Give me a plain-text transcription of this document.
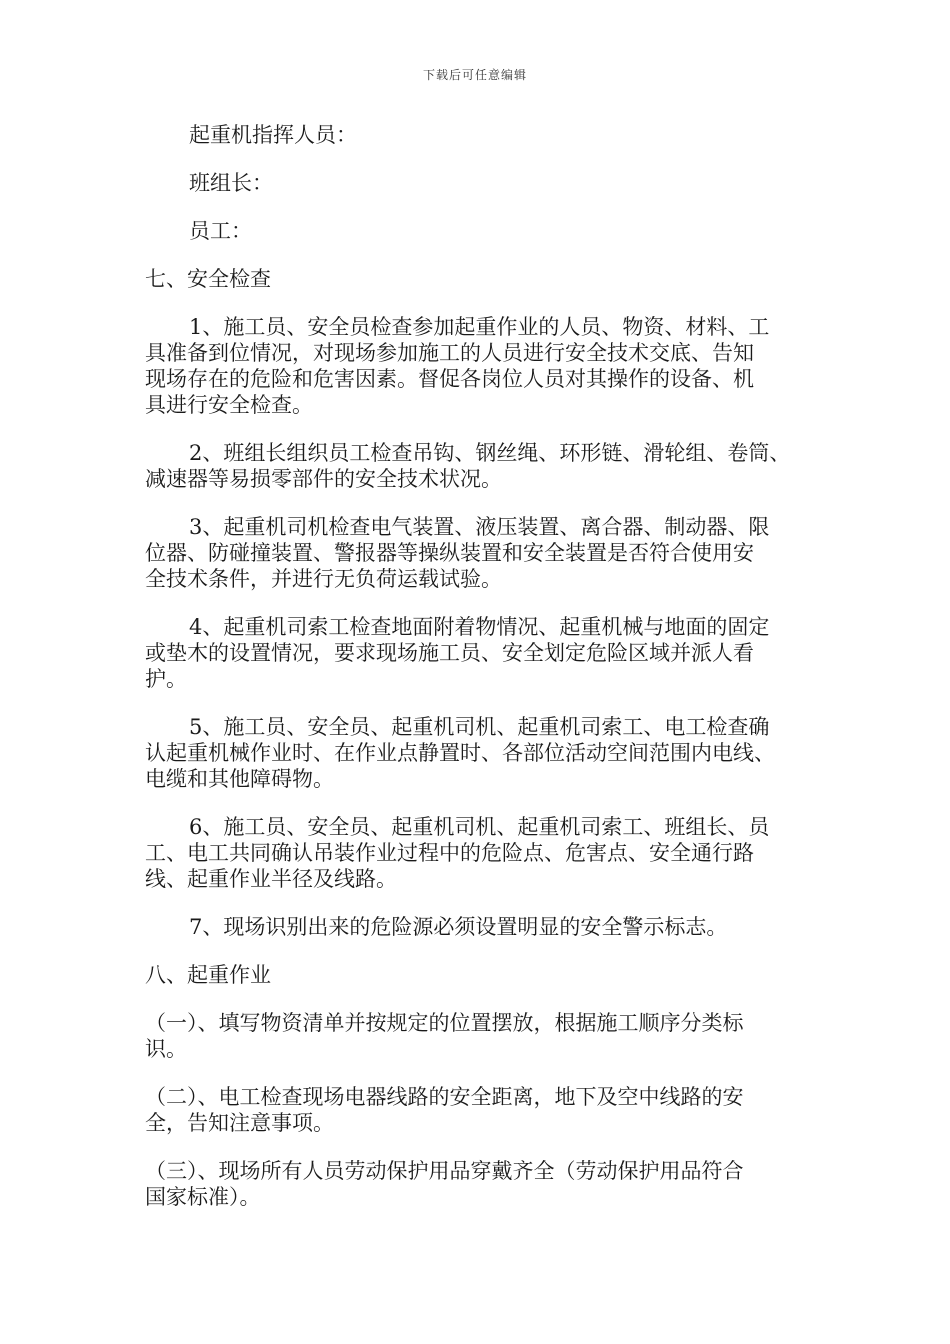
下载后可任意编辑

起重机指挥人员：

班组长：

员工：

七、安全检查

1、施工员、安全员检查参加起重作业的人员、物资、材料、工

具准备到位情况，对现场参加施工的人员进行安全技术交底、告知

现场存在的危险和危害因素。督促各岗位人员对其操作的设备、机

具进行安全检查。

2、班组长组织员工检查吊钩、钢丝绳、环形链、滑轮组、卷筒、

减速器等易损零部件的安全技术状况。

3、起重机司机检查电气装置、液压装置、离合器、制动器、限

位器、防碰撞装置、警报器等操纵装置和安全装置是否符合使用安

全技术条件，并进行无负荷运载试验。

4、起重机司索工检查地面附着物情况、起重机械与地面的固定

或垫木的设置情况，要求现场施工员、安全划定危险区域并派人看

护。

5、施工员、安全员、起重机司机、起重机司索工、电工检查确

认起重机械作业时、在作业点静置时、各部位活动空间范围内电线、

电缆和其他障碍物。

6、施工员、安全员、起重机司机、起重机司索工、班组长、员

工、电工共同确认吊装作业过程中的危险点、危害点、安全通行路

线、起重作业半径及线路。

7、现场识别出来的危险源必须设置明显的安全警示标志。

八、起重作业

（一）、填写物资清单并按规定的位置摆放，根据施工顺序分类标

识。

（二）、电工检查现场电器线路的安全距离，地下及空中线路的安

全，告知注意事项。

（三）、现场所有人员劳动保护用品穿戴齐全（劳动保护用品符合

国家标准）。
